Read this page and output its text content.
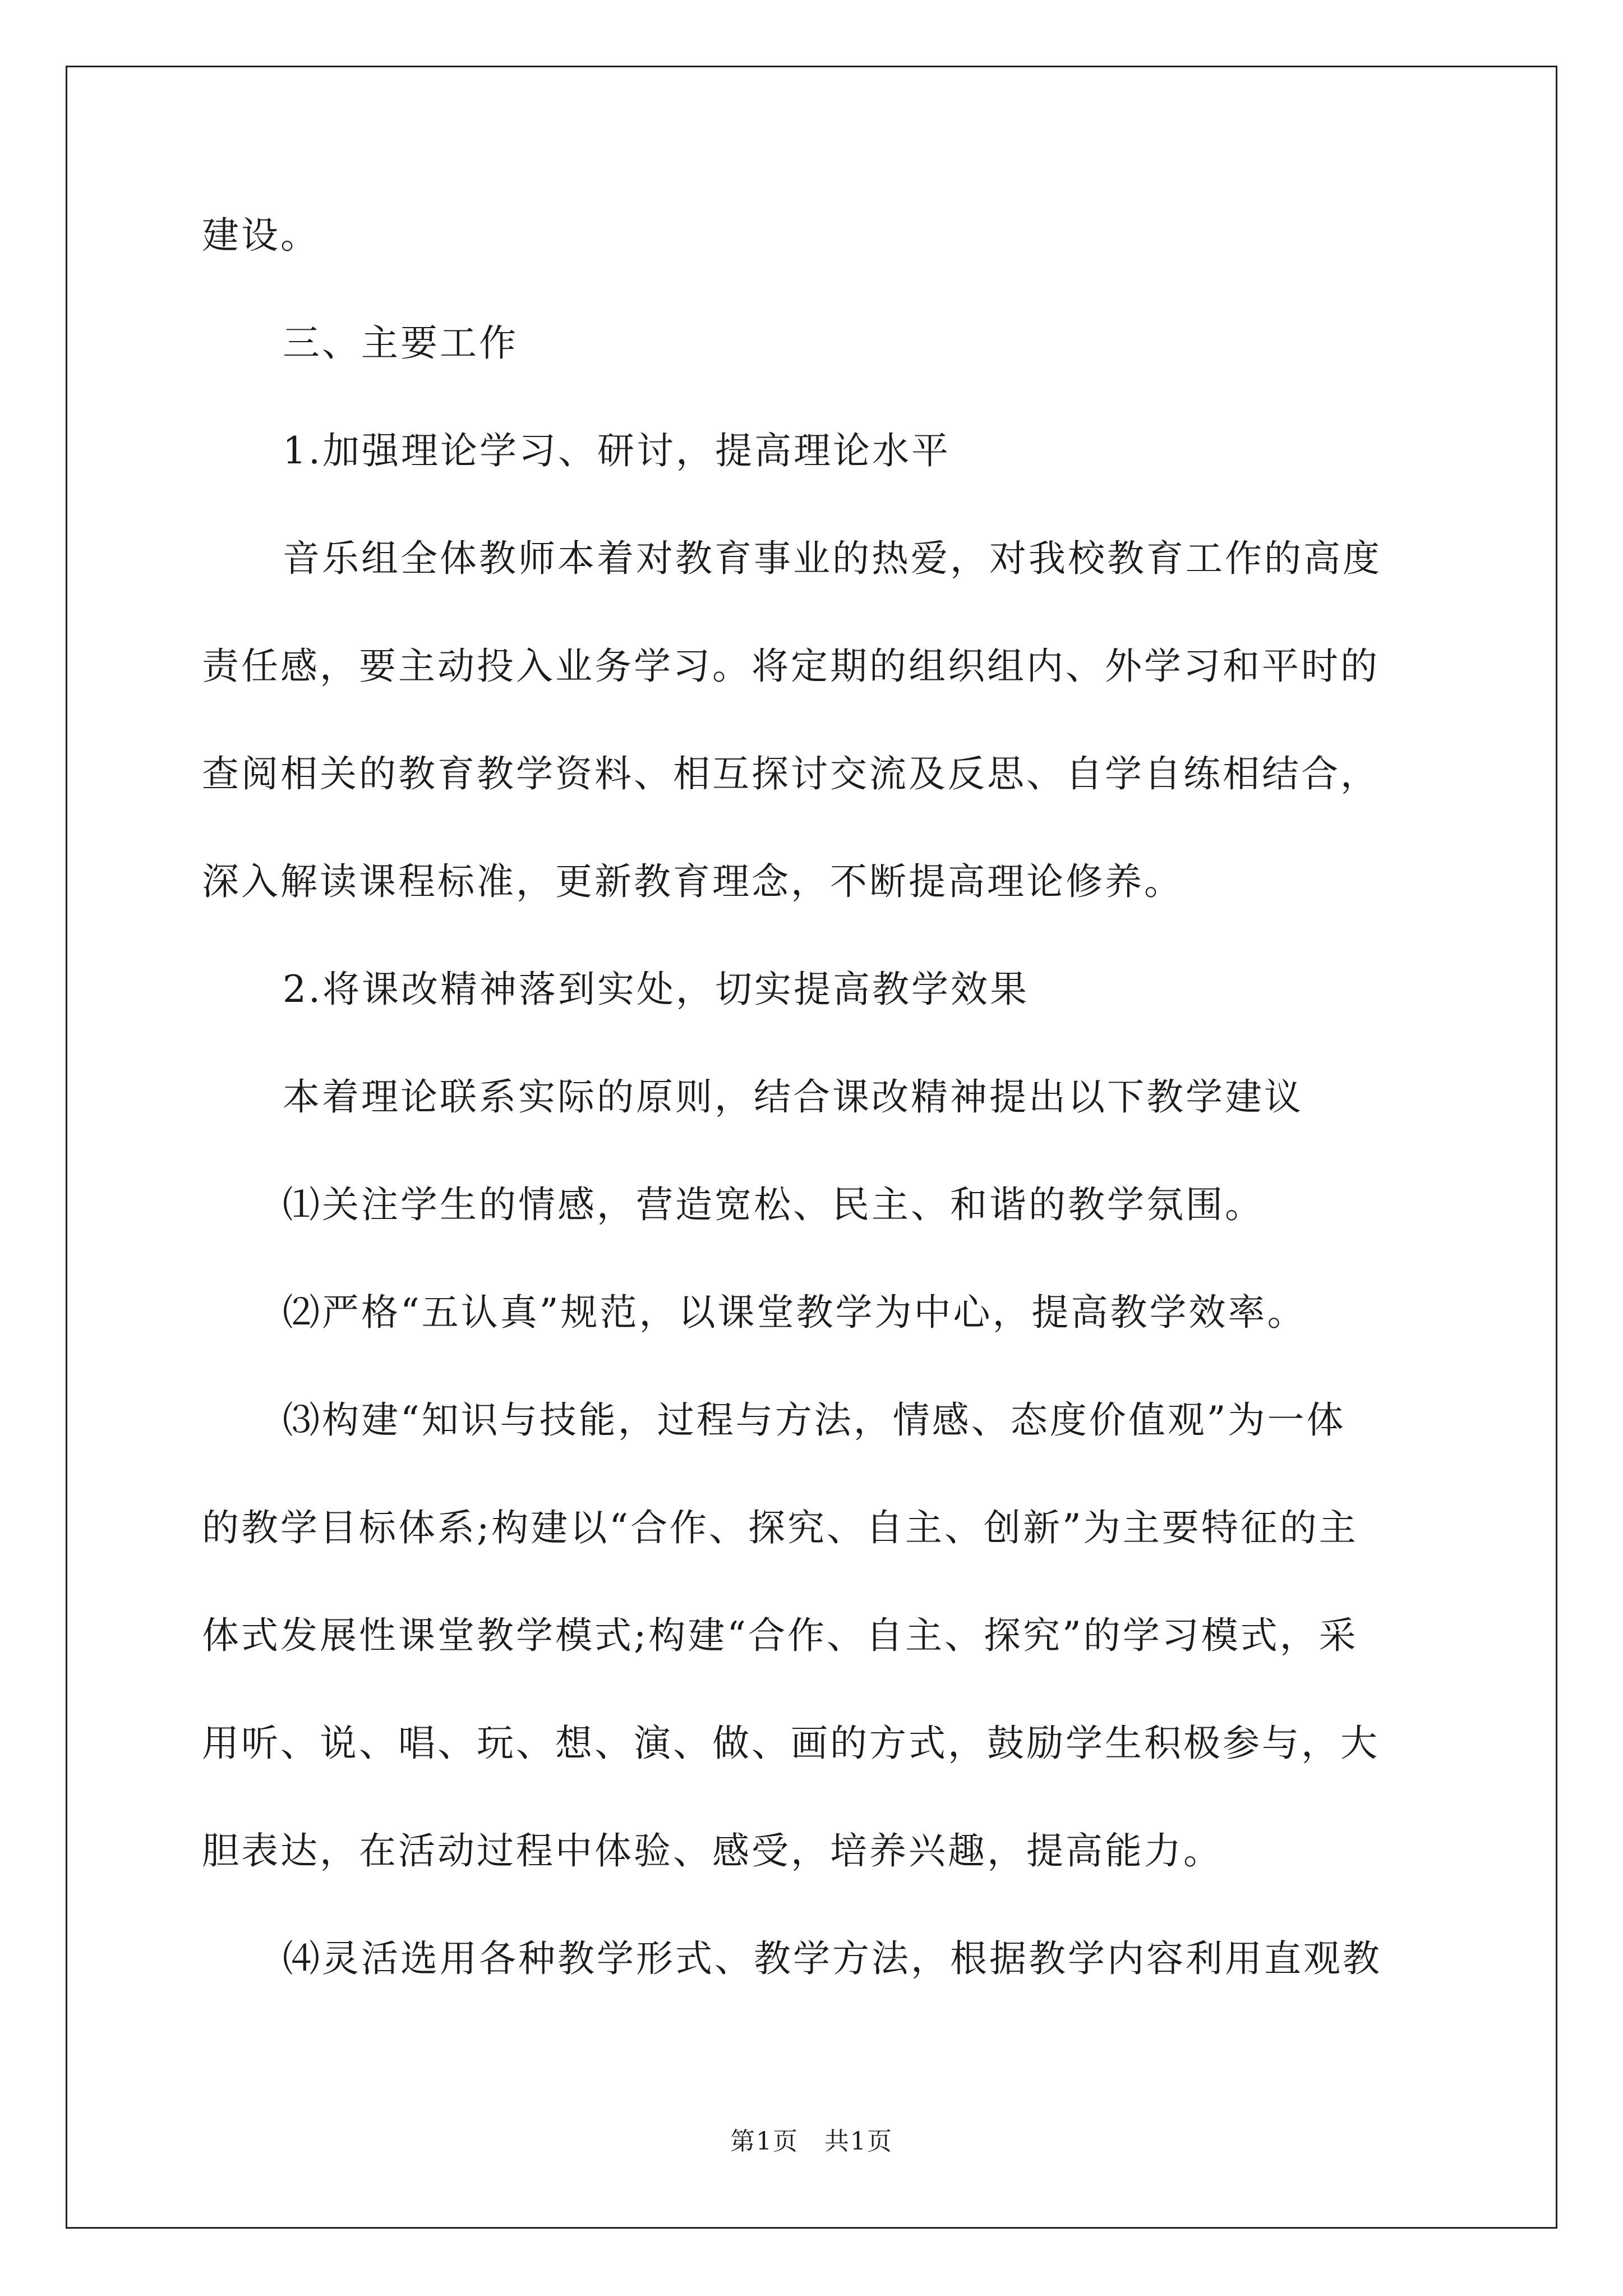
建设。
三、主要工作
1.加强理论学习、研讨，提高理论水平
音乐组全体教师本着对教育事业的热爱，对我校教育工作的高度
责任感，要主动投入业务学习。将定期的组织组内、外学习和平时的
查阅相关的教育教学资料、相互探讨交流及反思、自学自练相结合，
深入解读课程标准，更新教育理念，不断提高理论修养。
2.将课改精神落到实处，切实提高教学效果
本着理论联系实际的原则，结合课改精神提出以下教学建议
⑴关注学生的情感，营造宽松、民主、和谐的教学氛围。
⑵严格“五认真”规范，以课堂教学为中心，提高教学效率。
⑶构建“知识与技能，过程与方法，情感、态度价值观”为一体
的教学目标体系;构建以“合作、探究、自主、创新”为主要特征的主
体式发展性课堂教学模式;构建“合作、自主、探究”的学习模式，采
用听、说、唱、玩、想、演、做、画的方式，鼓励学生积极参与，大
胆表达，在活动过程中体验、感受，培养兴趣，提高能力。
⑷灵活选用各种教学形式、教学方法，根据教学内容利用直观教
第1页　共1页
